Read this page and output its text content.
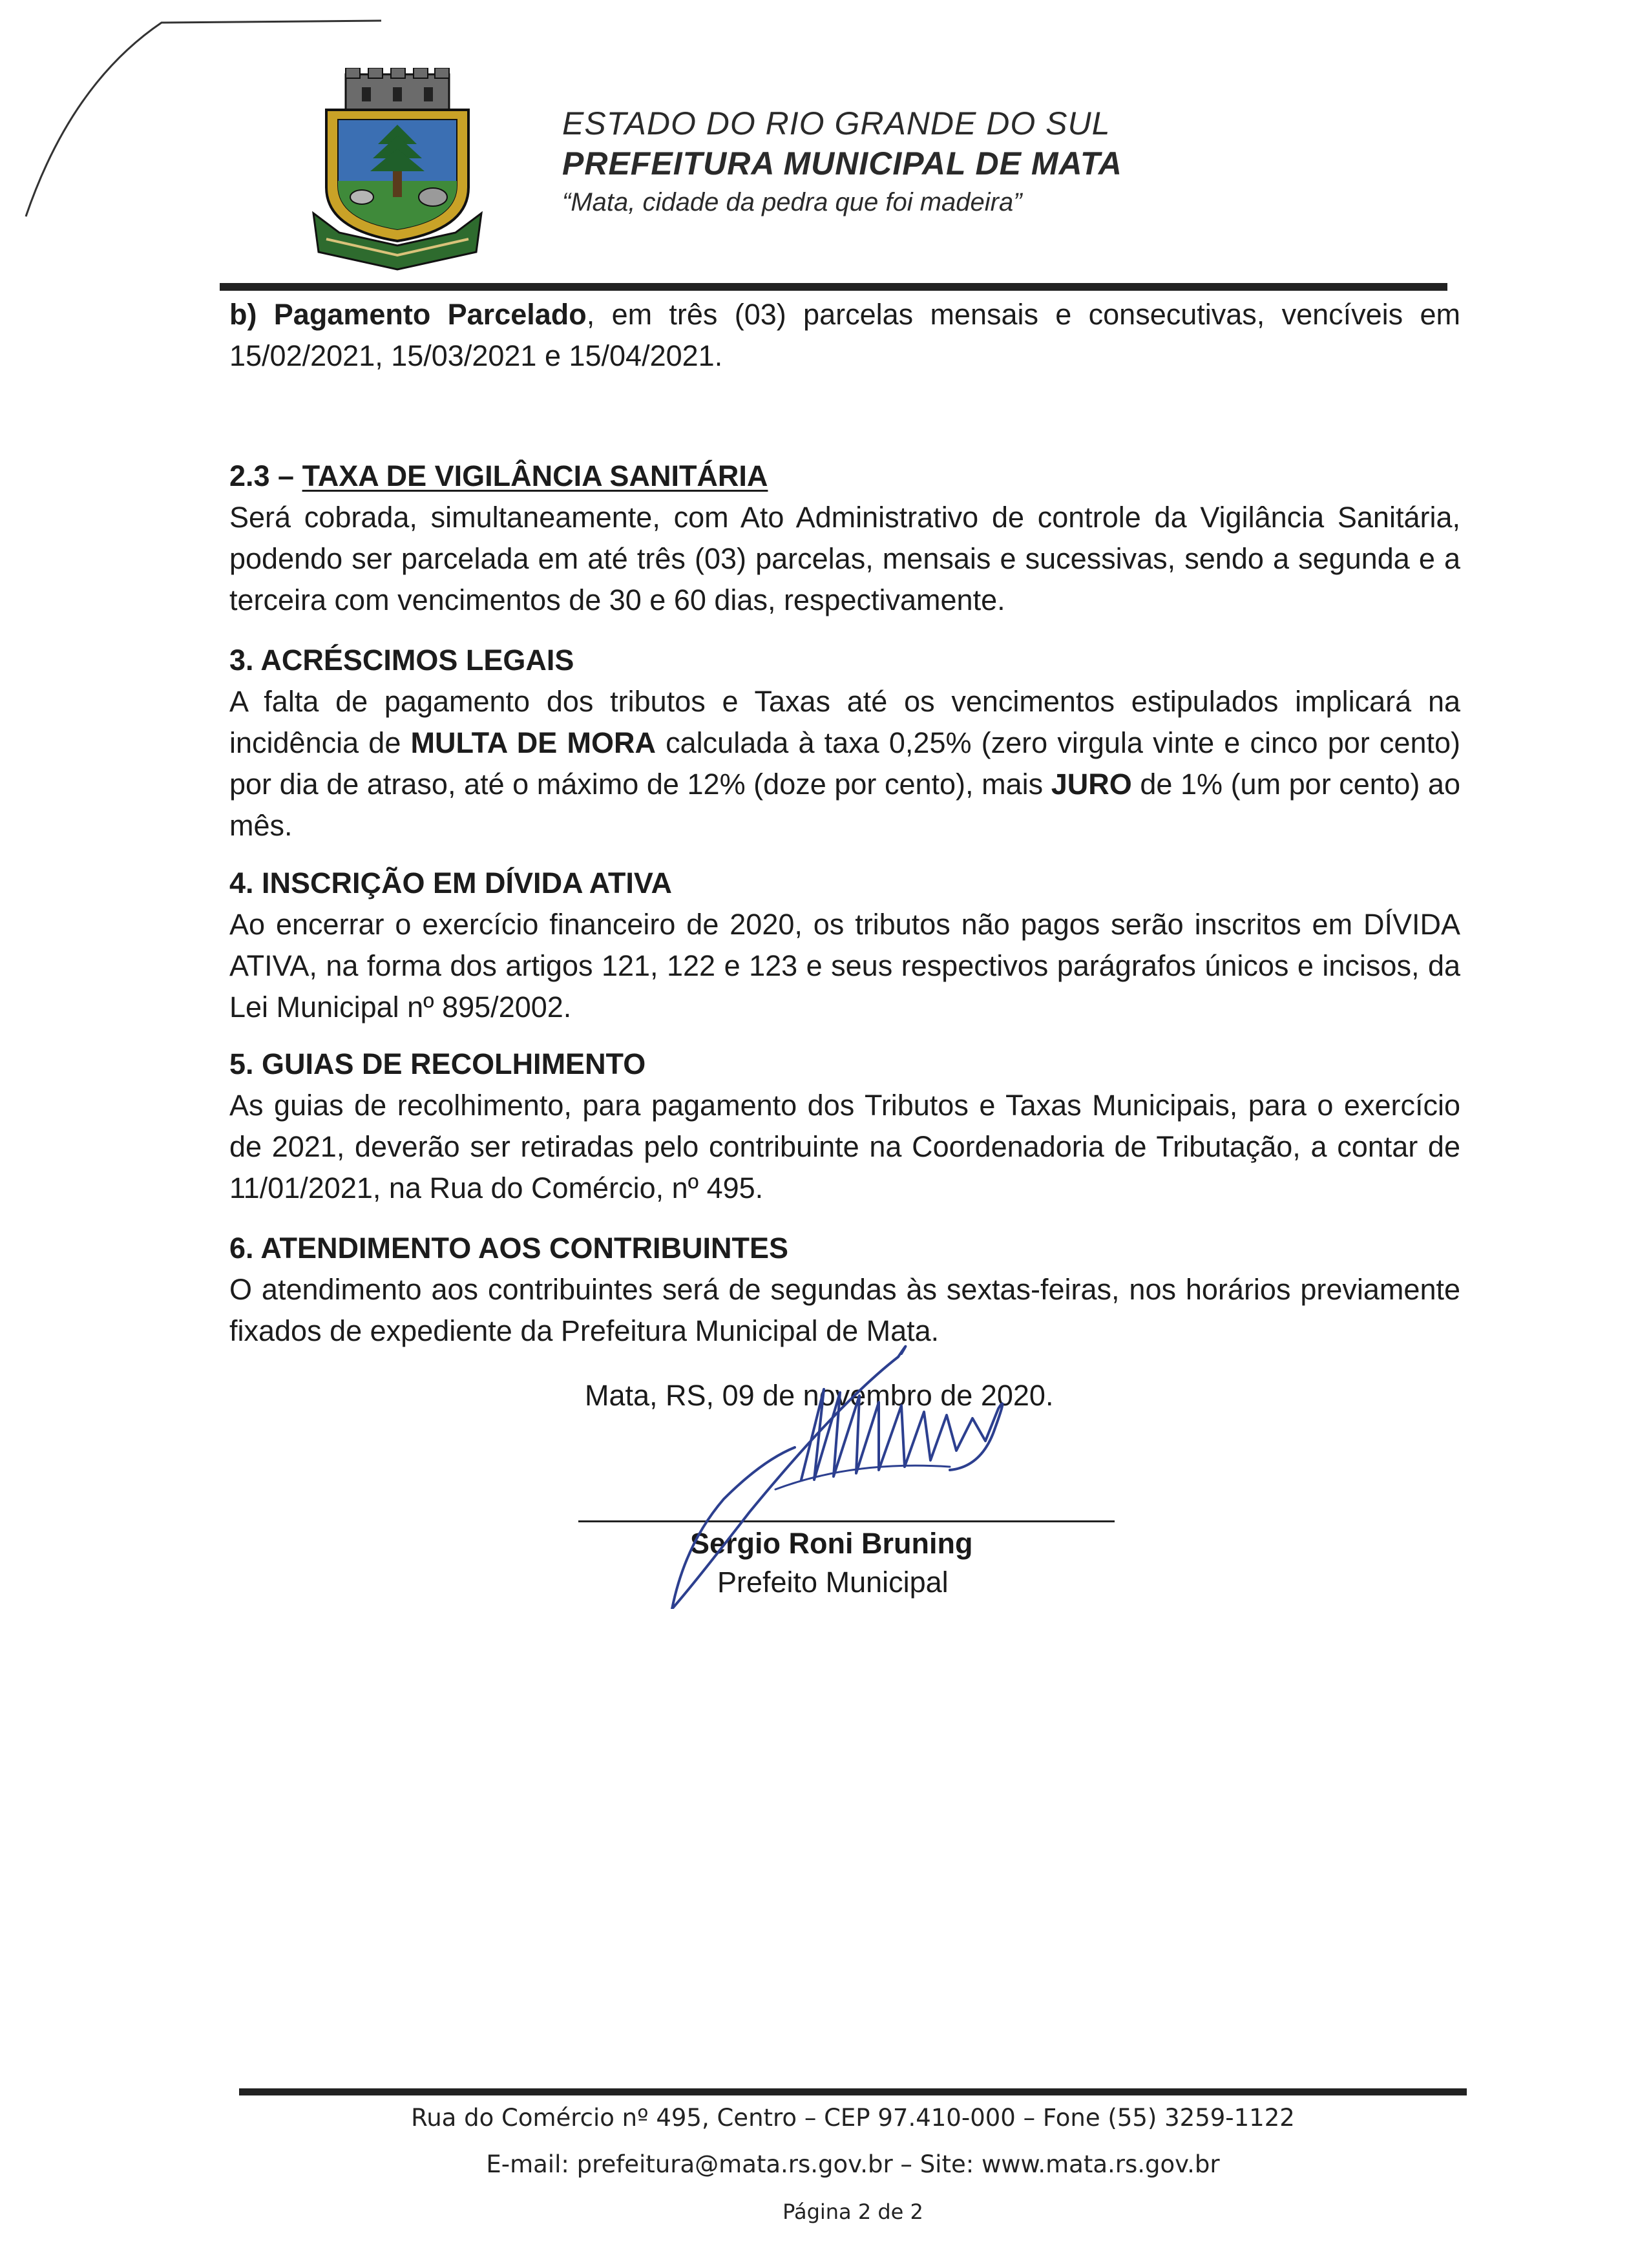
ESTADO DO RIO GRANDE DO SUL
PREFEITURA MUNICIPAL DE MATA
“Mata, cidade da pedra que foi madeira”

b) Pagamento Parcelado, em três (03) parcelas mensais e consecutivas, vencíveis em 15/02/2021, 15/03/2021 e 15/04/2021.

2.3 – TAXA DE VIGILÂNCIA SANITÁRIA

Será cobrada, simultaneamente, com Ato Administrativo de controle da Vigilância Sanitária, podendo ser parcelada em até três (03) parcelas, mensais e sucessivas, sendo a segunda e a terceira com vencimentos de 30 e 60 dias, respectivamente.

3. ACRÉSCIMOS LEGAIS

A falta de pagamento dos tributos e Taxas até os vencimentos estipulados implicará na incidência de MULTA DE MORA calculada à taxa 0,25% (zero virgula vinte e cinco por cento) por dia de atraso, até o máximo de 12% (doze por cento), mais JURO de 1% (um por cento) ao mês.

4. INSCRIÇÃO EM DÍVIDA ATIVA

Ao encerrar o exercício financeiro de 2020, os tributos não pagos serão inscritos em DÍVIDA ATIVA, na forma dos artigos 121, 122 e 123 e seus respectivos parágrafos únicos e incisos, da Lei Municipal nº 895/2002.

5. GUIAS DE RECOLHIMENTO

As guias de recolhimento, para pagamento dos Tributos e Taxas Municipais, para o exercício de 2021, deverão ser retiradas pelo contribuinte na Coordenadoria de Tributação, a contar de 11/01/2021, na Rua do Comércio, nº 495.

6. ATENDIMENTO AOS CONTRIBUINTES

O atendimento aos contribuintes será de segundas às sextas-feiras, nos horários previamente fixados de expediente da Prefeitura Municipal de Mata.

Mata, RS, 09 de novembro de 2020.
Sergio Roni Bruning
Prefeito Municipal
Rua do Comércio nº 495, Centro – CEP 97.410-000 – Fone (55) 3259-1122
E-mail: prefeitura@mata.rs.gov.br – Site: www.mata.rs.gov.br
Página 2 de 2
